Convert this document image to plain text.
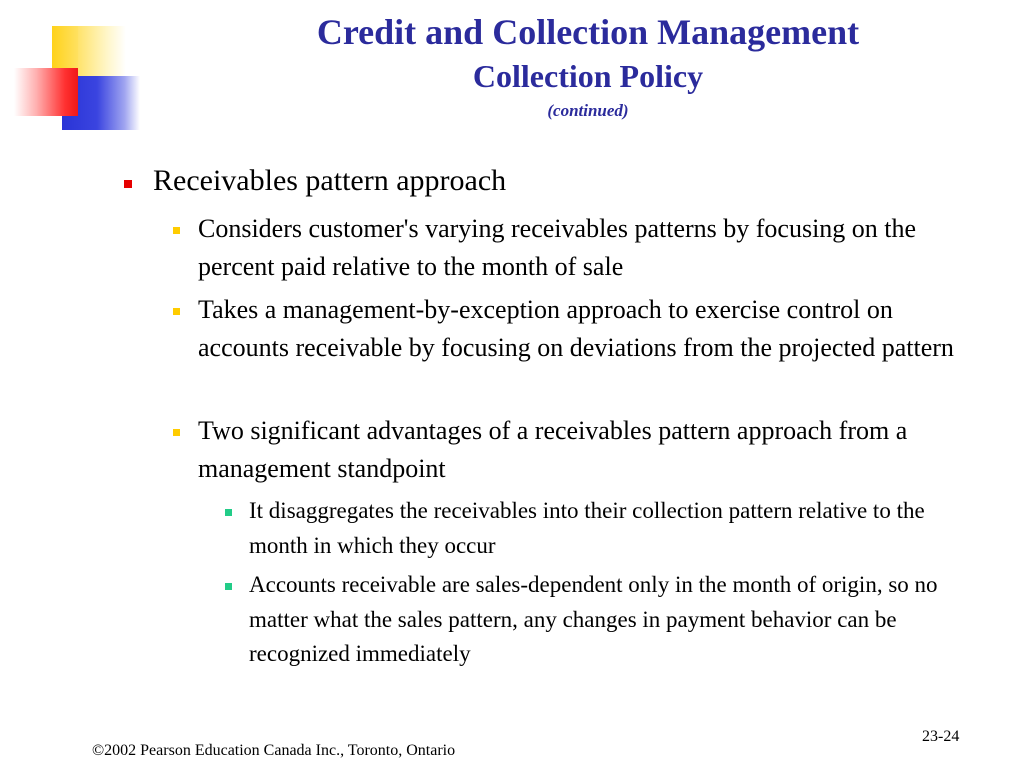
Credit and Collection Management
Collection Policy
(continued)
Receivables pattern approach
Considers customer's varying receivables patterns by focusing on the percent paid relative to the month of sale
Takes a management-by-exception approach to exercise control on accounts receivable by focusing on deviations from the projected pattern
Two significant advantages of a receivables pattern approach from a management standpoint
It disaggregates the receivables into their collection pattern relative to the month in which they occur
Accounts receivable are sales-dependent only in the month of origin, so no matter what the sales pattern, any changes in payment behavior can be recognized immediately
23-24
©2002 Pearson Education Canada Inc., Toronto, Ontario
